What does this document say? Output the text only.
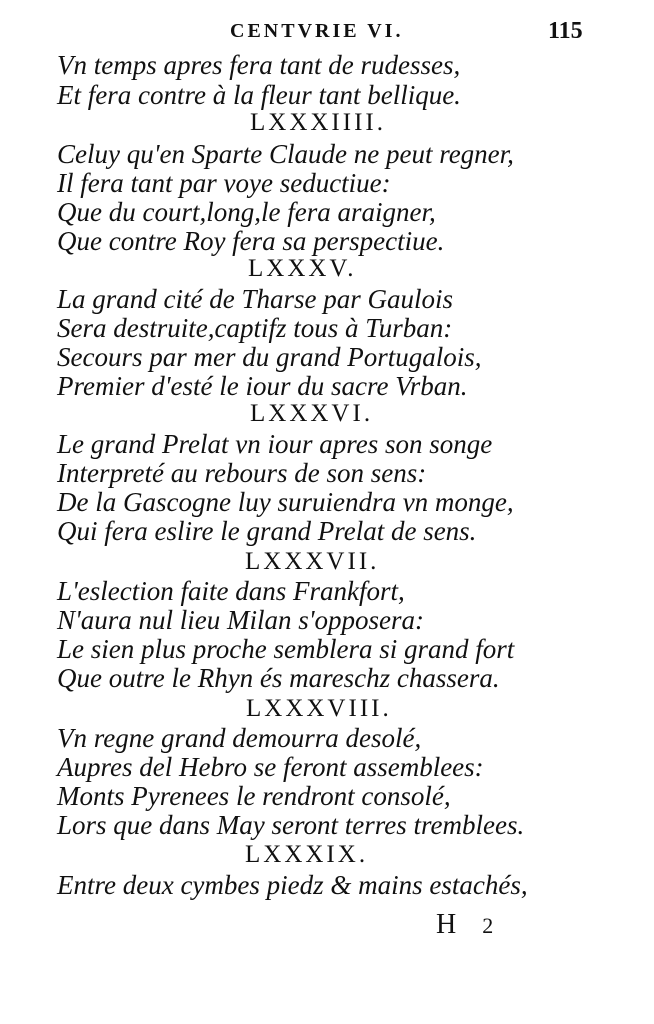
CENTVRIE VI.	115
Vn temps apres fera tant de rudesses,
Et fera contre à la fleur tant bellique.
LXXXIIII.
Celuy qu'en Sparte Claude ne peut regner,
Il fera tant par voye seductiue:
Que du court,long,le fera araigner,
Que contre Roy fera sa perspectiue.
LXXXV.
La grand cité de Tharse par Gaulois
Sera destruite,captifz tous à Turban:
Secours par mer du grand Portugalois,
Premier d'esté le iour du sacre Vrban.
LXXXVI.
Le grand Prelat vn iour apres son songe
Interpreté au rebours de son sens:
De la Gascogne luy suruiendra vn monge,
Qui fera eslire le grand Prelat de sens.
LXXXVII.
L'eslection faite dans Frankfort,
N'aura nul lieu Milan s'opposera:
Le sien plus proche semblera si grand fort
Que outre le Rhyn és mareschz chassera.
LXXXVIII.
Vn regne grand demourra desolé,
Aupres del Hebro se feront assemblees:
Monts Pyrenees le rendront consolé,
Lors que dans May seront terres tremblees.
LXXXIX.
Entre deux cymbes piedz & mains estachés,
H 2
